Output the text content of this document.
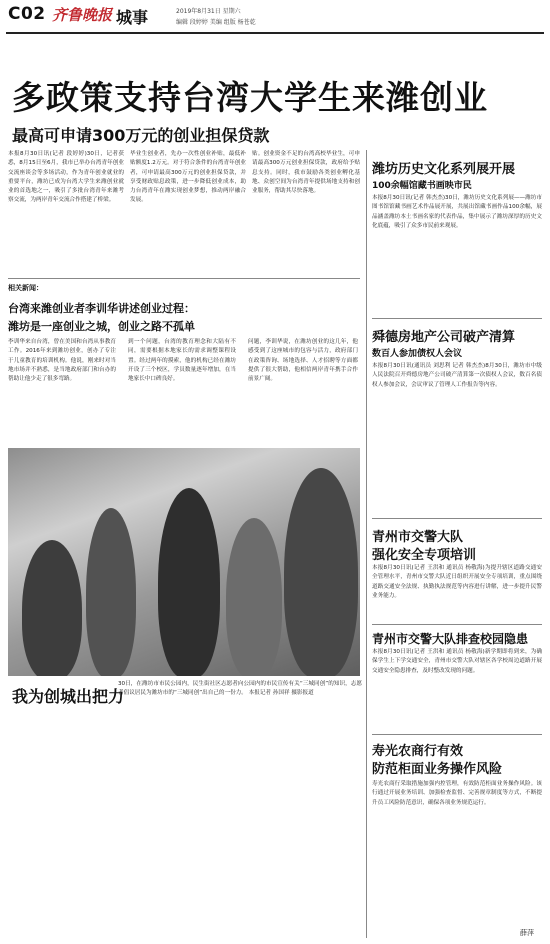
C02 齐鲁晚报 城事	2019年8月31日 星期六
编辑 段婷婷 美编 组版 杨苍乾
多政策支持台湾大学生来潍创业
最高可申请300万元的创业担保贷款
本报8月30日讯(记者 段婷婷)30日，记者获悉，8月15日至6月，我市已举办台湾青年创业交流座谈会等多场活动，作为青年创业就业的重要平台，潍坊已成为台湾大学生来潍创业就业的首选地之一，吸引了多批台湾青年来潍考察交流，为两岸青年交流合作搭建了桥梁。
毕业生创业者，先办一次性创业补贴，最低补贴额度1.2万元。对于符合条件的台湾青年创业者，可申请最高300万元的创业担保贷款，并享受财政贴息政策，进一步降低创业成本，助力台湾青年在潍实现创业梦想，推动两岸融合发展。
贴。创业资金不足的台湾高校毕业生，可申请最高300万元创业担保贷款，政府给予贴息支持。同时，我市鼓励各类创业孵化基地、众创空间为台湾青年提供场地支持和创业服务，帮助其尽快落地。
相关新闻：
台湾来潍创业者李训华讲述创业过程：
潍坊是一座创业之城，创业之路不孤单
李训华来自台湾，曾在美国和台湾从事教育工作。2016年来到潍坊创业，创办了专注于儿童教育的培训机构。他说，刚来时对当地市场并不熟悉，是当地政府部门和台办的帮助让他少走了很多弯路。
到一个问题，台湾的教育理念和大陆有不同，需要根据本地家长的需求调整课程设置。经过两年的摸索，他的机构已经在潍坊开设了三个校区，学员数量逐年增加，在当地家长中口碑良好。
问题，李训华说，在潍坊创业的这几年，他感受到了这座城市的包容与活力，政府部门在政策咨询、场地选择、人才招聘等方面都提供了很大帮助，他相信两岸青年携手合作前景广阔。
我为创城出把力
30日，在潍坊市市民公园内，民生街社区志愿者向公园内的市民宣传有关“三城同创”的知识，志愿者倡议居民为潍坊市的“三城同创”出自己的一份力。 本报记者 孙国祥 摄影报道
潍坊历史文化系列展开展
100余幅馆藏书画映市民
本报8月30日讯(记者 韩杰杰)30日，潍坊历史文化系列展——潍坊市图书馆馆藏书画艺术作品展开展，共展出馆藏书画作品100余幅，展品涵盖潍坊本土书画名家的代表作品，集中展示了潍坊深厚的历史文化底蕴，吸引了众多市民前来观展。
舜德房地产公司破产清算
数百人参加债权人会议
本报8月30日讯(通讯员 刘思利 记者 韩杰杰)8月30日，潍坊市中级人民法院召开舜德房地产公司破产清算第一次债权人会议，数百名债权人参加会议，会议审议了管理人工作报告等内容。
青州市交警大队
强化安全专项培训
本报8月30日讯(记者 王洪和 通讯员 杨敬海)为提升辖区道路交通安全管理水平，青州市交警大队近日组织开展安全专项培训，重点围绕道路交通安全法规、执勤执法规范等内容进行讲解，进一步提升民警业务能力。
青州市交警大队排查校园隐患
本报8月30日讯(记者 王洪和 通讯员 杨敬海)新学期即将到来，为确保学生上下学交通安全，青州市交警大队对辖区各学校周边道路开展交通安全隐患排查，及时整改发现的问题。
寿光农商行有效
防范柜面业务操作风险
寿光农商行采取措施加强内控管理，有效防范柜面业务操作风险。该行通过开展业务培训、加强检查监督、完善规章制度等方式，不断提升员工风险防范意识，确保各项业务规范运行。
薛萍
